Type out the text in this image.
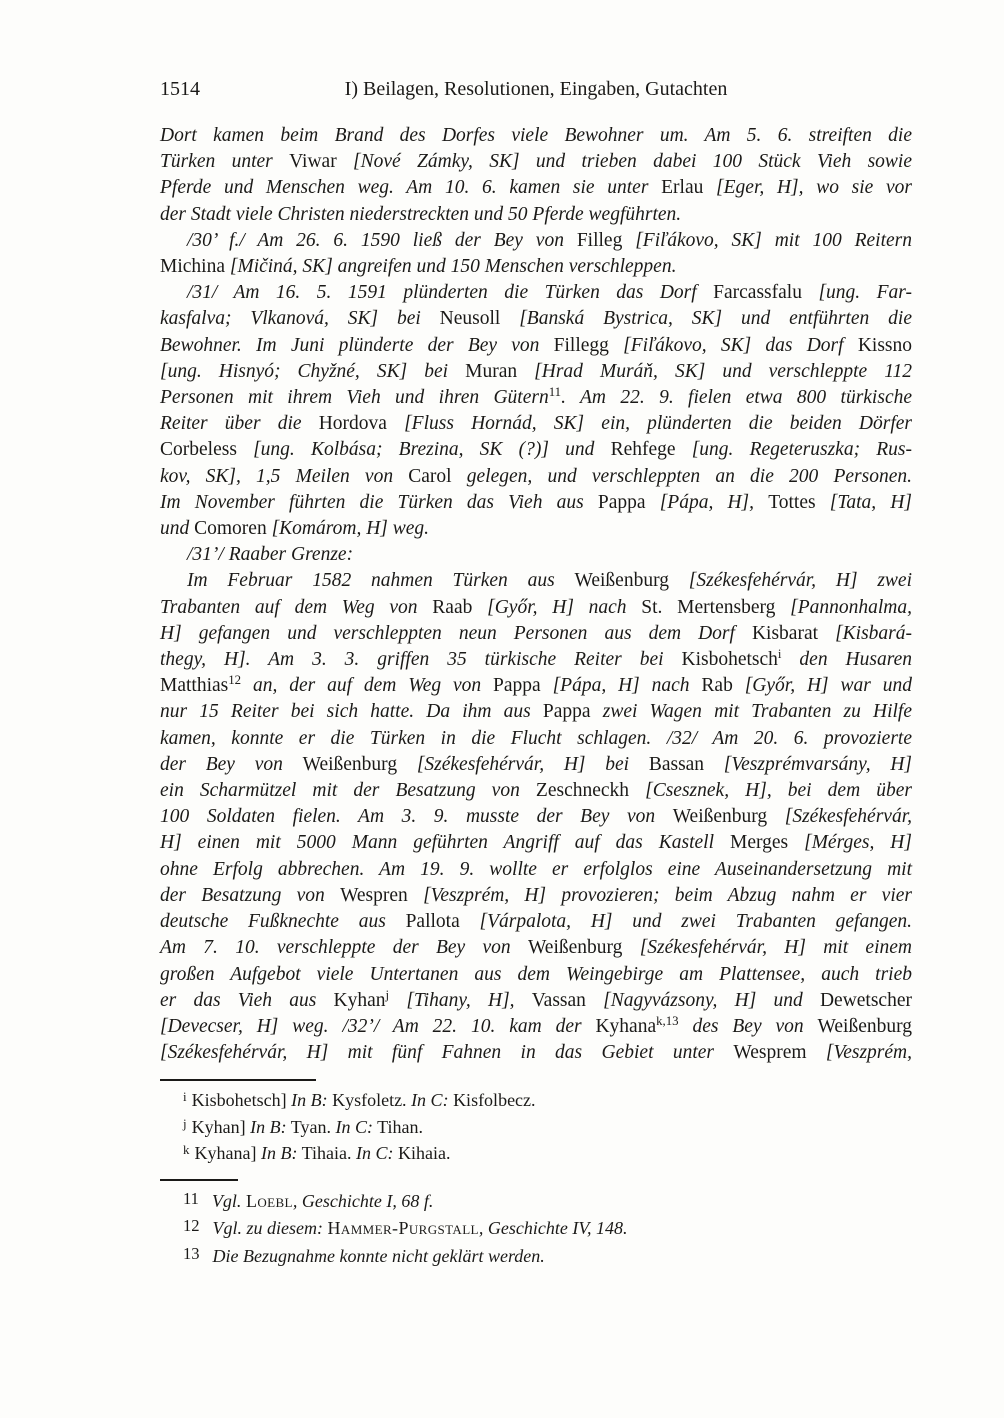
1514	I) Beilagen, Resolutionen, Eingaben, Gutachten
Dort kamen beim Brand des Dorfes viele Bewohner um. Am 5. 6. streiften die
Türken unter Viwar [Nové Zámky, SK] und trieben dabei 100 Stück Vieh sowie
Pferde und Menschen weg. Am 10. 6. kamen sie unter Erlau [Eger, H], wo sie vor
der Stadt viele Christen niederstreckten und 50 Pferde wegführten.
/30’ f./ Am 26. 6. 1590 ließ der Bey von Filleg [Fiľákovo, SK] mit 100 Reitern
Michina [Mičiná, SK] angreifen und 150 Menschen verschleppen.
/31/ Am 16. 5. 1591 plünderten die Türken das Dorf Farcassfalu [ung. Far-
kasfalva; Vlkanová, SK] bei Neusoll [Banská Bystrica, SK] und entführten die
Bewohner. Im Juni plünderte der Bey von Fillegg [Fiľákovo, SK] das Dorf Kissno
[ung. Hisnyó; Chyžné, SK] bei Muran [Hrad Muráň, SK] und verschleppte 112
Personen mit ihrem Vieh und ihren Gütern$^{11}$. Am 22. 9. fielen etwa 800 türkische
Reiter über die Hordova [Fluss Hornád, SK] ein, plünderten die beiden Dörfer
Corbeless [ung. Kolbása; Brezina, SK (?)] und Rehfege [ung. Regeteruszka; Rus-
kov, SK], 1,5 Meilen von Carol gelegen, und verschleppten an die 200 Personen.
Im November führten die Türken das Vieh aus Pappa [Pápa, H], Tottes [Tata, H]
und Comoren [Komárom, H] weg.
/31’/ Raaber Grenze:
Im Februar 1582 nahmen Türken aus Weißenburg [Székesfehérvár, H] zwei
Trabanten auf dem Weg von Raab [Győr, H] nach St. Mertensberg [Pannonhalma,
H] gefangen und verschleppten neun Personen aus dem Dorf Kisbarat [Kisbará-
thegy, H]. Am 3. 3. griffen 35 türkische Reiter bei Kisbohetsch$^i$ den Husaren
Matthias$^{12}$ an, der auf dem Weg von Pappa [Pápa, H] nach Rab [Győr, H] war und
nur 15 Reiter bei sich hatte. Da ihm aus Pappa zwei Wagen mit Trabanten zu Hilfe
kamen, konnte er die Türken in die Flucht schlagen. /32/ Am 20. 6. provozierte
der Bey von Weißenburg [Székesfehérvár, H] bei Bassan [Veszprémvarsány, H]
ein Scharmützel mit der Besatzung von Zeschneckh [Csesznek, H], bei dem über
100 Soldaten fielen. Am 3. 9. musste der Bey von Weißenburg [Székesfehérvár,
H] einen mit 5000 Mann geführten Angriff auf das Kastell Merges [Mérges, H]
ohne Erfolg abbrechen. Am 19. 9. wollte er erfolglos eine Auseinandersetzung mit
der Besatzung von Wespren [Veszprém, H] provozieren; beim Abzug nahm er vier
deutsche Fußknechte aus Pallota [Várpalota, H] und zwei Trabanten gefangen.
Am 7. 10. verschleppte der Bey von Weißenburg [Székesfehérvár, H] mit einem
großen Aufgebot viele Untertanen aus dem Weingebirge am Plattensee, auch trieb
er das Vieh aus Kyhan$^j$ [Tihany, H], Vassan [Nagyvázsony, H] und Dewetscher
[Devecser, H] weg. /32’/ Am 22. 10. kam der Kyhana$^{k,13}$ des Bey von Weißenburg
[Székesfehérvár, H] mit fünf Fahnen in das Gebiet unter Wesprem [Veszprém,
$^i$ Kisbohetsch] In B: Kysfoletz. In C: Kisfolbecz.
$^j$ Kyhan] In B: Tyan. In C: Tihan.
$^k$ Kyhana] In B: Tihaia. In C: Kihaia.
11 Vgl. Loebl, Geschichte I, 68 f.
12 Vgl. zu diesem: Hammer-Purgstall, Geschichte IV, 148.
13 Die Bezugnahme konnte nicht geklärt werden.
